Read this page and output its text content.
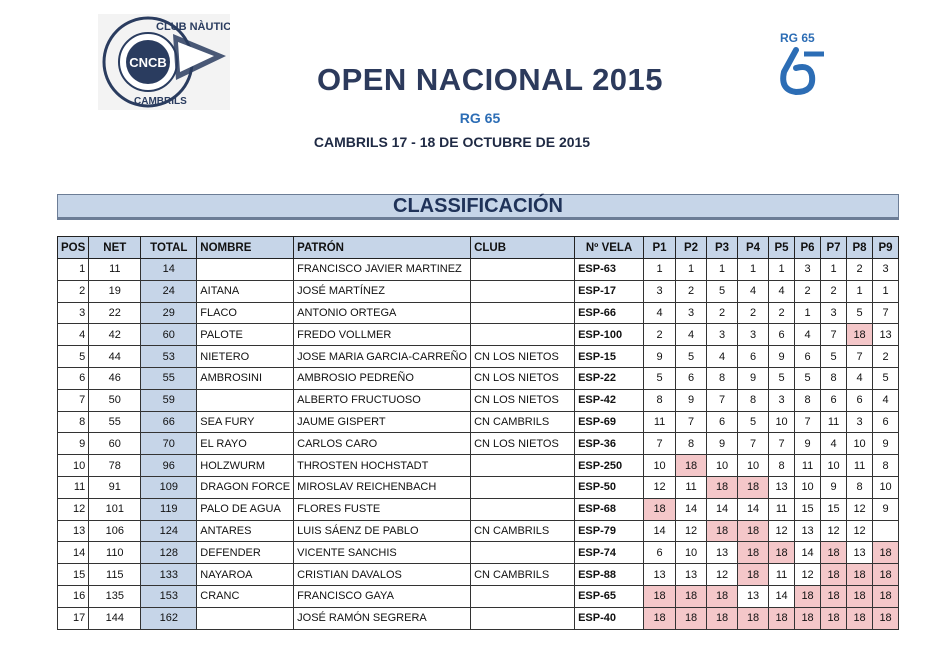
CNCB
CLUB NÀUTIC
CAMBRILS
RG 65
OPEN NACIONAL 2015
RG 65
CAMBRILS 17 - 18 DE OCTUBRE DE 2015
CLASSIFICACIÓN
POS	NET	TOTAL	NOMBRE	PATRÓN	CLUB	Nº VELA	P1	P2	P3	P4	P5	P6	P7	P8	P9
1	11	14		FRANCISCO JAVIER MARTINEZ		ESP-63	1	1	1	1	1	3	1	2	3
2	19	24	AITANA	JOSÉ MARTÍNEZ		ESP-17	3	2	5	4	4	2	2	1	1
3	22	29	FLACO	ANTONIO ORTEGA		ESP-66	4	3	2	2	2	1	3	5	7
4	42	60	PALOTE	FREDO VOLLMER		ESP-100	2	4	3	3	6	4	7	18	13
5	44	53	NIETERO	JOSE MARIA GARCIA-CARREÑO	CN LOS NIETOS	ESP-15	9	5	4	6	9	6	5	7	2
6	46	55	AMBROSINI	AMBROSIO PEDREÑO	CN LOS NIETOS	ESP-22	5	6	8	9	5	5	8	4	5
7	50	59		ALBERTO FRUCTUOSO	CN LOS NIETOS	ESP-42	8	9	7	8	3	8	6	6	4
8	55	66	SEA FURY	JAUME GISPERT	CN CAMBRILS	ESP-69	11	7	6	5	10	7	11	3	6
9	60	70	EL RAYO	CARLOS CARO	CN LOS NIETOS	ESP-36	7	8	9	7	7	9	4	10	9
10	78	96	HOLZWURM	THROSTEN HOCHSTADT		ESP-250	10	18	10	10	8	11	10	11	8
11	91	109	DRAGON FORCE	MIROSLAV REICHENBACH		ESP-50	12	11	18	18	13	10	9	8	10
12	101	119	PALO DE AGUA	FLORES FUSTE		ESP-68	18	14	14	14	11	15	15	12	9
13	106	124	ANTARES	LUIS SÁENZ DE PABLO	CN CAMBRILS	ESP-79	14	12	18	18	12	13	12	12	
14	110	128	DEFENDER	VICENTE SANCHIS		ESP-74	6	10	13	18	18	14	18	13	18
15	115	133	NAYAROA	CRISTIAN DAVALOS	CN CAMBRILS	ESP-88	13	13	12	18	11	12	18	18	18
16	135	153	CRANC	FRANCISCO GAYA		ESP-65	18	18	18	13	14	18	18	18	18
17	144	162		JOSÉ RAMÓN SEGRERA		ESP-40	18	18	18	18	18	18	18	18	18
